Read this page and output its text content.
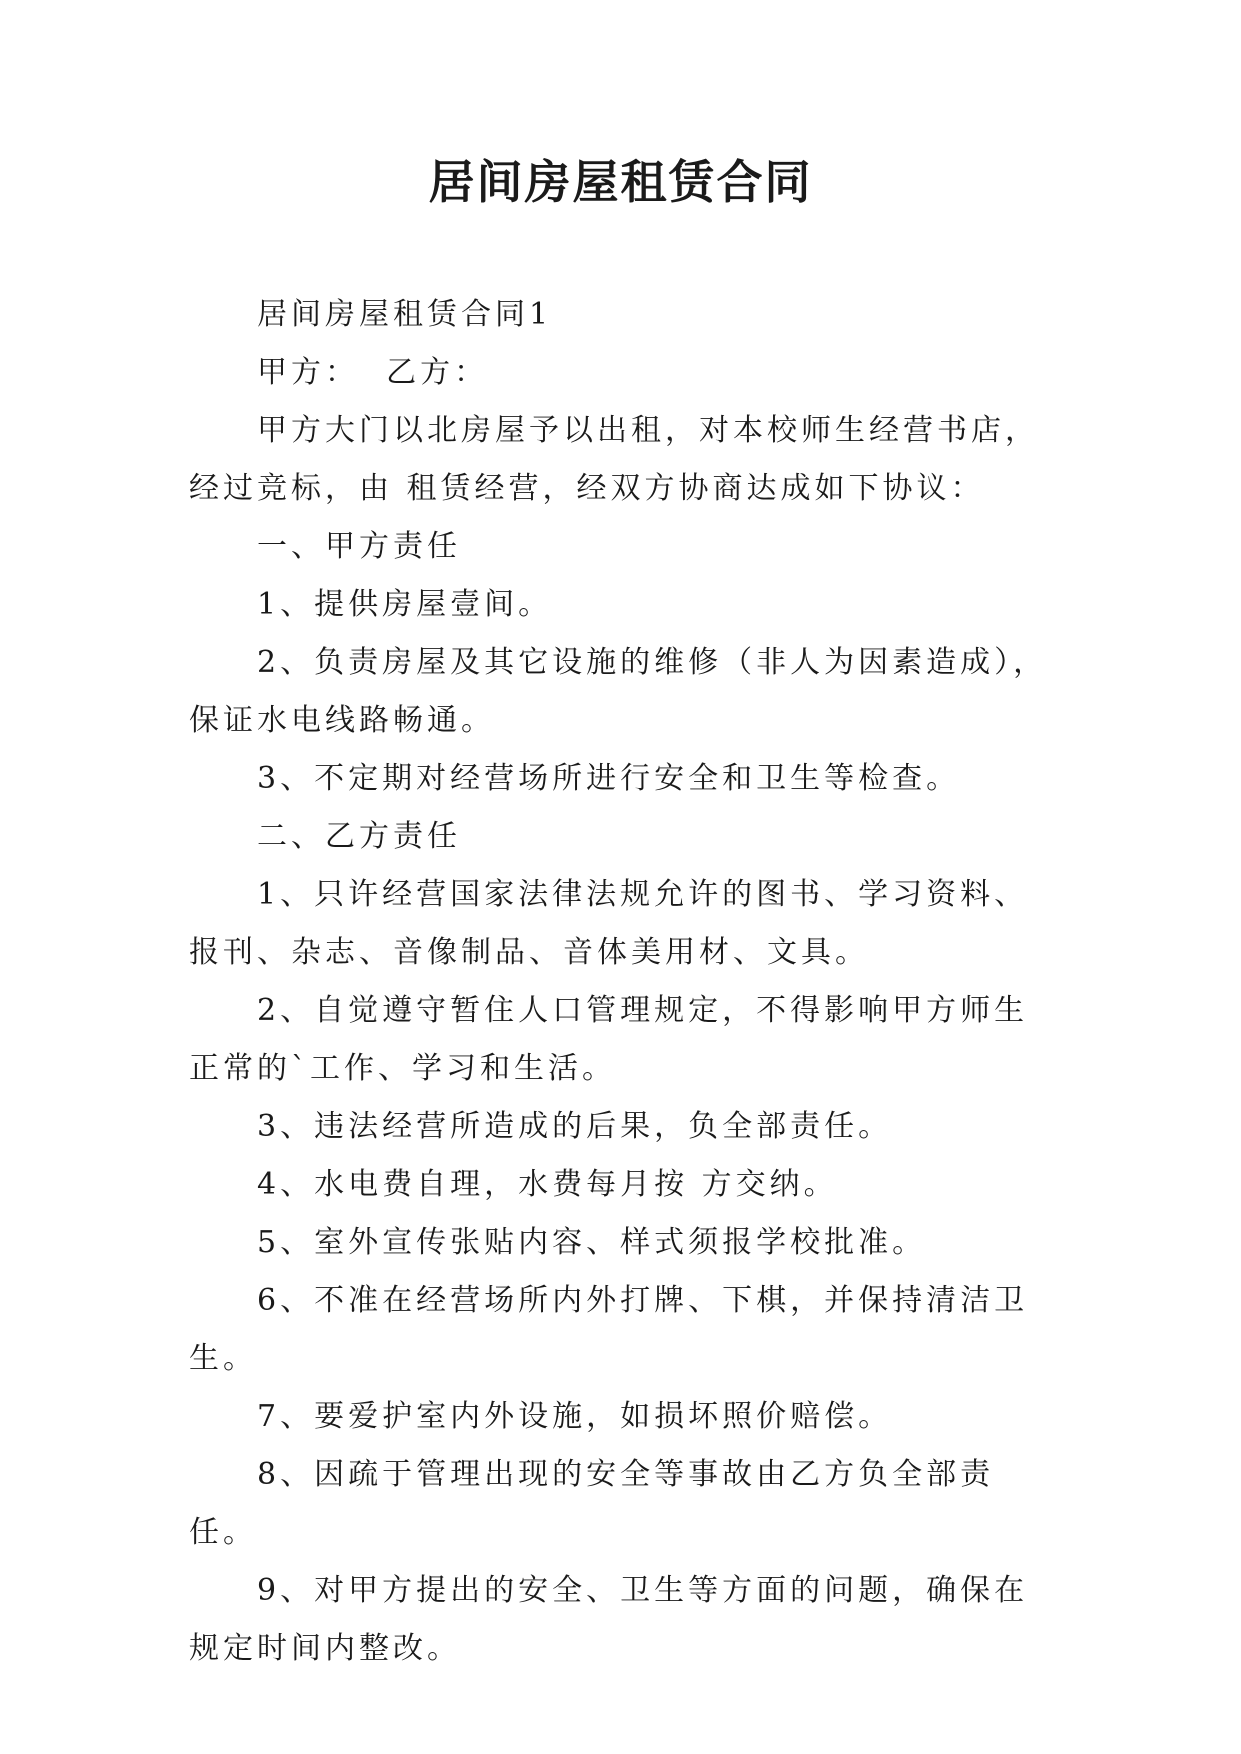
居间房屋租赁合同

居间房屋租赁合同1

甲方：  乙方：

甲方大门以北房屋予以出租，对本校师生经营书店，经过竞标，由 租赁经营，经双方协商达成如下协议：

一、甲方责任

1、提供房屋壹间。

2、负责房屋及其它设施的维修（非人为因素造成），保证水电线路畅通。

3、不定期对经营场所进行安全和卫生等检查。

二、乙方责任

1、只许经营国家法律法规允许的图书、学习资料、报刊、杂志、音像制品、音体美用材、文具。

2、自觉遵守暂住人口管理规定，不得影响甲方师生正常的`工作、学习和生活。

3、违法经营所造成的后果，负全部责任。

4、水电费自理，水费每月按 方交纳。

5、室外宣传张贴内容、样式须报学校批准。

6、不准在经营场所内外打牌、下棋，并保持清洁卫生。

7、要爱护室内外设施，如损坏照价赔偿。

8、因疏于管理出现的安全等事故由乙方负全部责任。

9、对甲方提出的安全、卫生等方面的问题，确保在规定时间内整改。
